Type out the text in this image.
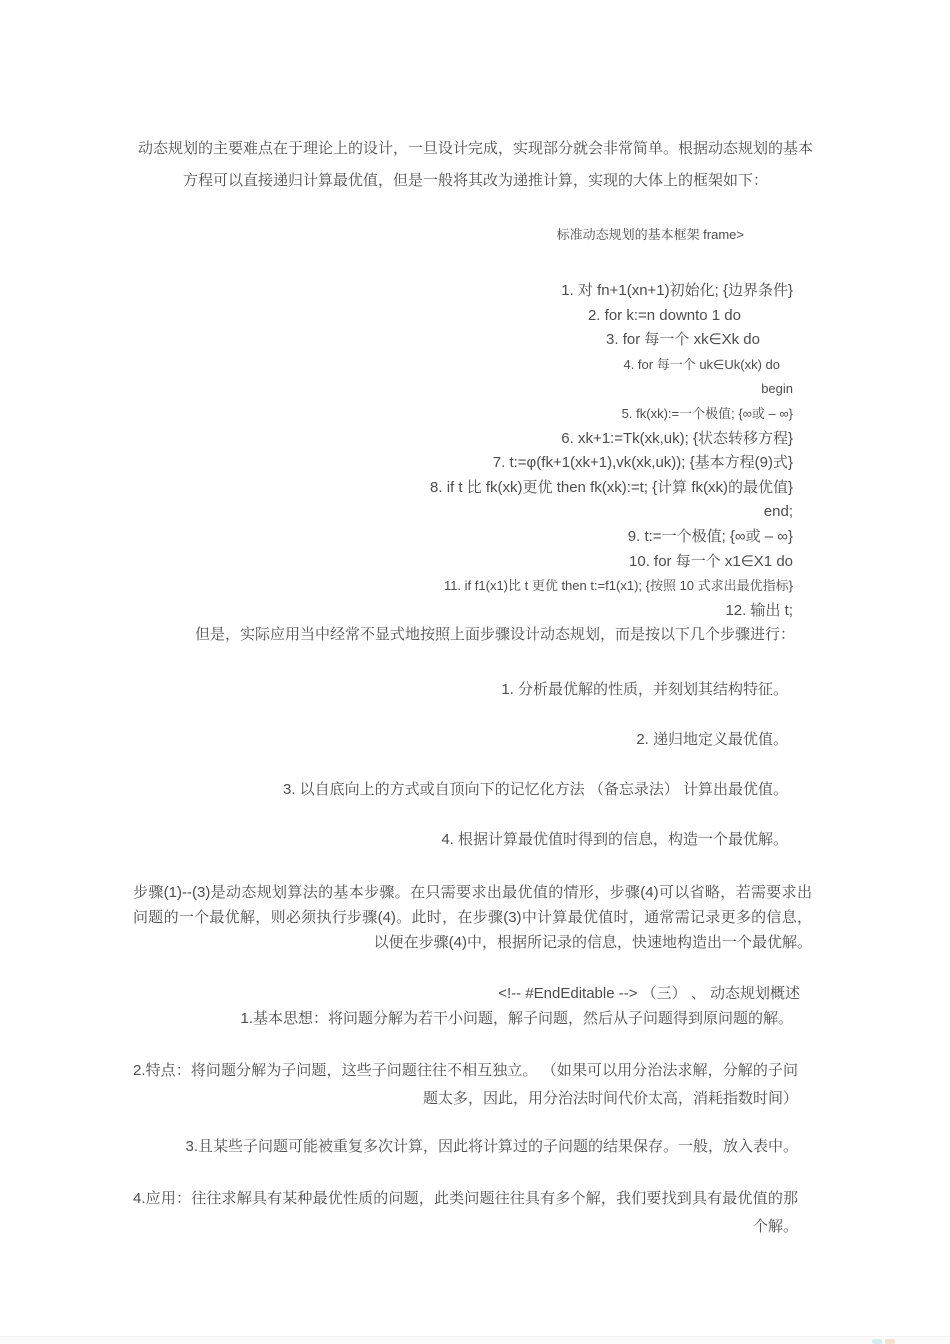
动态规划的主要难点在于理论上的设计，一旦设计完成，实现部分就会非常简单。根据动态规划的基本方程可以直接递归计算最优值，但是一般将其改为递推计算，实现的大体上的框架如下：

标准动态规划的基本框架 frame>
1. 对 fn+1(xn+1)初始化; {边界条件}
2. for k:=n downto 1 do
3. for 每一个 xk∈Xk do
4. for 每一个 uk∈Uk(xk) do
begin
5. fk(xk):=一个极值; {∞或 – ∞}
6. xk+1:=Tk(xk,uk); {状态转移方程}
7. t:=φ(fk+1(xk+1),vk(xk,uk)); {基本方程(9)式}
8. if t 比 fk(xk)更优 then fk(xk):=t; {计算 fk(xk)的最优值}
end;
9. t:=一个极值; {∞或 – ∞}
10. for 每一个 x1∈X1 do
11. if f1(x1)比 t 更优 then t:=f1(x1); {按照 10 式求出最优指标}
12. 输出 t;
但是，实际应用当中经常不显式地按照上面步骤设计动态规划，而是按以下几个步骤进行：
1. 分析最优解的性质，并刻划其结构特征。
2. 递归地定义最优值。
3. 以自底向上的方式或自顶向下的记忆化方法 （备忘录法） 计算出最优值。
4. 根据计算最优值时得到的信息，构造一个最优解。

步骤(1)--(3)是动态规划算法的基本步骤。在只需要求出最优值的情形，步骤(4)可以省略，若需要求出问题的一个最优解，则必须执行步骤(4)。此时，在步骤(3)中计算最优值时，通常需记录更多的信息，以便在步骤(4)中，根据所记录的信息，快速地构造出一个最优解。

<!-- #EndEditable --> （三） 、 动态规划概述
1.基本思想：将问题分解为若干小问题，解子问题，然后从子问题得到原问题的解。
2.特点：将问题分解为子问题，这些子问题往往不相互独立。 （如果可以用分治法求解，分解的子问题太多，因此，用分治法时间代价太高，消耗指数时间）
3.且某些子问题可能被重复多次计算，因此将计算过的子问题的结果保存。一般，放入表中。
4.应用：往往求解具有某种最优性质的问题，此类问题往往具有多个解，我们要找到具有最优值的那个解。
